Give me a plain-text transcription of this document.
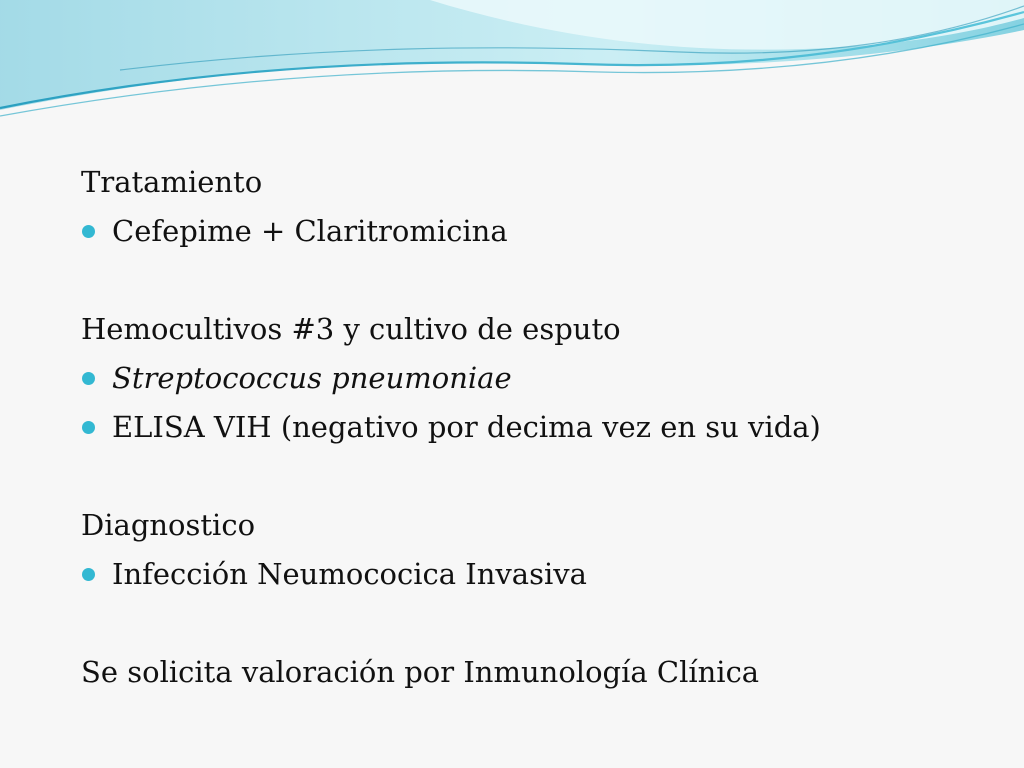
Tratamiento
Cefepime + Claritromicina
Hemocultivos #3 y cultivo de esputo
Streptococcus pneumoniae
ELISA VIH (negativo por decima vez en su vida)
Diagnostico
Infección Neumococica Invasiva
Se solicita valoración por Inmunología Clínica
